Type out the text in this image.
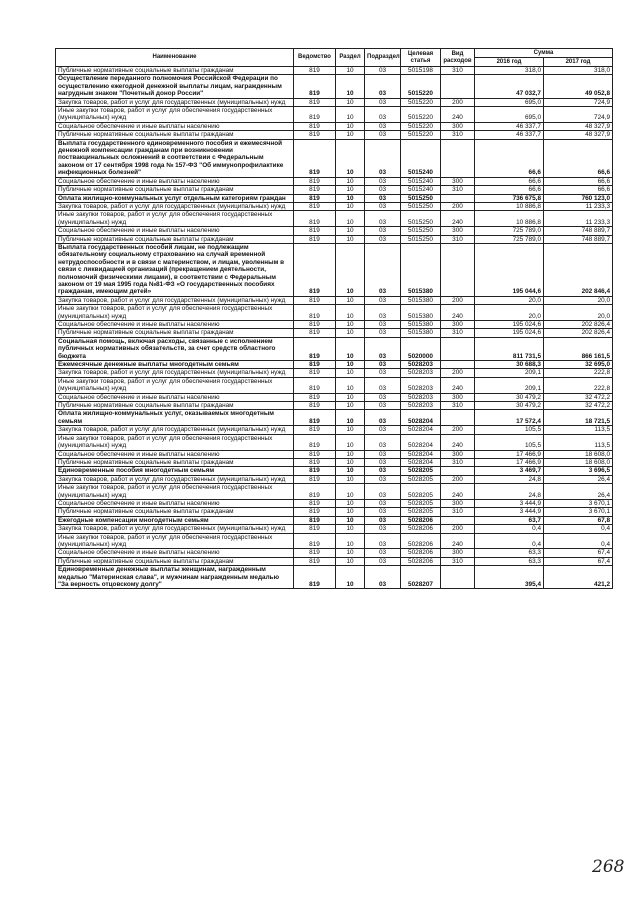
Наименование	Ведомство	Раздел	Подраздел	Целевая статья	Вид расходов	Сумма	
						2016 год	2017 год
Публичные нормативные социальные выплаты гражданам	819	10	03	5015198	310	318,0	318,0
Осуществление переданного полномочия Российской Федерации по осуществлению ежегодной денежной выплаты лицам, награжденным нагрудным знаком "Почетный донор России"	819	10	03	5015220		47 032,7	49 052,8
Закупка товаров, работ и услуг для государственных (муниципальных) нужд	819	10	03	5015220	200	695,0	724,9
Иные закупки товаров, работ и услуг для обеспечения государственных (муниципальных) нужд	819	10	03	5015220	240	695,0	724,9
Социальное обеспечение и иные выплаты населению	819	10	03	5015220	300	46 337,7	48 327,9
Публичные нормативные социальные выплаты гражданам	819	10	03	5015220	310	46 337,7	48 327,9
Выплата государственного единовременного пособия и ежемесячной денежной компенсации гражданам при возникновении поствакцинальных осложнений в соответствии с Федеральным законом от 17 сентября 1998 года № 157-ФЗ "Об иммунопрофилактике инфекционных болезней"	819	10	03	5015240		66,6	66,6
Социальное обеспечение и иные выплаты населению	819	10	03	5015240	300	66,6	66,6
Публичные нормативные социальные выплаты гражданам	819	10	03	5015240	310	66,6	66,6
Оплата жилищно-коммунальных услуг отдельным категориям граждан	819	10	03	5015250		736 675,8	760 123,0
Закупка товаров, работ и услуг для государственных (муниципальных) нужд	819	10	03	5015250	200	10 886,8	11 233,3
Иные закупки товаров, работ и услуг для обеспечения государственных (муниципальных) нужд	819	10	03	5015250	240	10 886,8	11 233,3
Социальное обеспечение и иные выплаты населению	819	10	03	5015250	300	725 789,0	748 889,7
Публичные нормативные социальные выплаты гражданам	819	10	03	5015250	310	725 789,0	748 889,7
Выплата государственных пособий лицам, не подлежащим обязательному социальному страхованию на случай временной нетрудоспособности и в связи с материнством, и лицам, уволенным в связи с ликвидацией организаций (прекращением деятельности, полномочий физическими лицами), в соответствии с Федеральным законом от 19 мая 1995 года №81-ФЗ «О государственных пособиях гражданам, имеющим детей»	819	10	03	5015380		195 044,6	202 846,4
Закупка товаров, работ и услуг для государственных (муниципальных) нужд	819	10	03	5015380	200	20,0	20,0
Иные закупки товаров, работ и услуг для обеспечения государственных (муниципальных) нужд	819	10	03	5015380	240	20,0	20,0
Социальное обеспечение и иные выплаты населению	819	10	03	5015380	300	195 024,6	202 826,4
Публичные нормативные социальные выплаты гражданам	819	10	03	5015380	310	195 024,6	202 826,4
Социальная помощь, включая расходы, связанные с исполнением публичных нормативных обязательств, за счет средств областного бюджета	819	10	03	5020000		811 731,5	866 161,5
Ежемесячные денежные выплаты многодетным семьям	819	10	03	5028203		30 688,3	32 695,0
Закупка товаров, работ и услуг для государственных (муниципальных) нужд	819	10	03	5028203	200	209,1	222,8
Иные закупки товаров, работ и услуг для обеспечения государственных (муниципальных) нужд	819	10	03	5028203	240	209,1	222,8
Социальное обеспечение и иные выплаты населению	819	10	03	5028203	300	30 479,2	32 472,2
Публичные нормативные социальные выплаты гражданам	819	10	03	5028203	310	30 479,2	32 472,2
Оплата жилищно-коммунальных услуг, оказываемых многодетным семьям	819	10	03	5028204		17 572,4	18 721,5
Закупка товаров, работ и услуг для государственных (муниципальных) нужд	819	10	03	5028204	200	105,5	113,5
Иные закупки товаров, работ и услуг для обеспечения государственных (муниципальных) нужд	819	10	03	5028204	240	105,5	113,5
Социальное обеспечение и иные выплаты населению	819	10	03	5028204	300	17 466,9	18 608,0
Публичные нормативные социальные выплаты гражданам	819	10	03	5028204	310	17 466,9	18 608,0
Единовременные пособия многодетным семьям	819	10	03	5028205		3 469,7	3 696,5
Закупка товаров, работ и услуг для государственных (муниципальных) нужд	819	10	03	5028205	200	24,8	26,4
Иные закупки товаров, работ и услуг для обеспечения государственных (муниципальных) нужд	819	10	03	5028205	240	24,8	26,4
Социальное обеспечение и иные выплаты населению	819	10	03	5028205	300	3 444,9	3 670,1
Публичные нормативные социальные выплаты гражданам	819	10	03	5028205	310	3 444,9	3 670,1
Ежегодные компенсации многодетным семьям	819	10	03	5028206		63,7	67,8
Закупка товаров, работ и услуг для государственных (муниципальных) нужд	819	10	03	5028206	200	0,4	0,4
Иные закупки товаров, работ и услуг для обеспечения государственных (муниципальных) нужд	819	10	03	5028206	240	0,4	0,4
Социальное обеспечение и иные выплаты населению	819	10	03	5028206	300	63,3	67,4
Публичные нормативные социальные выплаты гражданам	819	10	03	5028206	310	63,3	67,4
Единовременные денежные выплаты женщинам, награжденным медалью "Материнская слава", и мужчинам награжденным медалью "За верность отцовскому долгу"	819	10	03	5028207		395,4	421,2
268
